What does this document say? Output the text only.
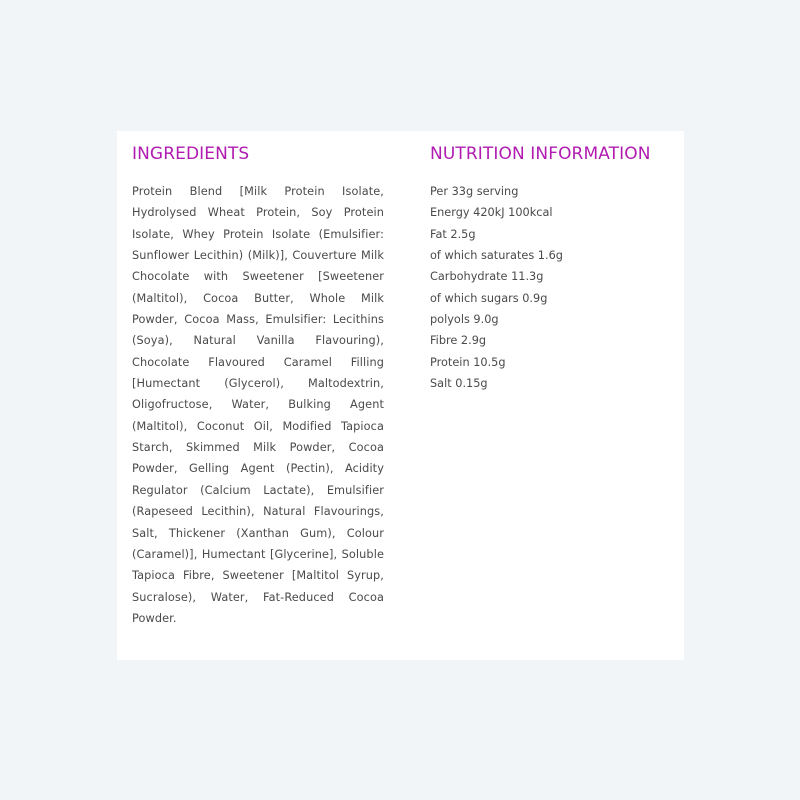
INGREDIENTS

Protein Blend [Milk Protein Isolate, Hydrolysed Wheat Protein, Soy Protein Isolate, Whey Protein Isolate (Emulsifier: Sunflower Lecithin) (Milk)], Couverture Milk Chocolate with Sweetener [Sweetener (Maltitol), Cocoa Butter, Whole Milk Powder, Cocoa Mass, Emulsifier: Lecithins (Soya), Natural Vanilla Flavouring), Chocolate Flavoured Caramel Filling [Humectant (Glycerol), Maltodextrin, Oligofructose, Water, Bulking Agent (Maltitol), Coconut Oil, Modified Tapioca Starch, Skimmed Milk Powder, Cocoa Powder, Gelling Agent (Pectin), Acidity Regulator (Calcium Lactate), Emulsifier (Rapeseed Lecithin), Natural Flavourings, Salt, Thickener (Xanthan Gum), Colour (Caramel)], Humectant [Glycerine], Soluble Tapioca Fibre, Sweetener [Maltitol Syrup, Sucralose), Water, Fat-Reduced Cocoa Powder.

NUTRITION INFORMATION
Per 33g serving
Energy 420kJ 100kcal
Fat 2.5g
of which saturates 1.6g
Carbohydrate 11.3g
of which sugars 0.9g
polyols 9.0g
Fibre 2.9g
Protein 10.5g
Salt 0.15g
